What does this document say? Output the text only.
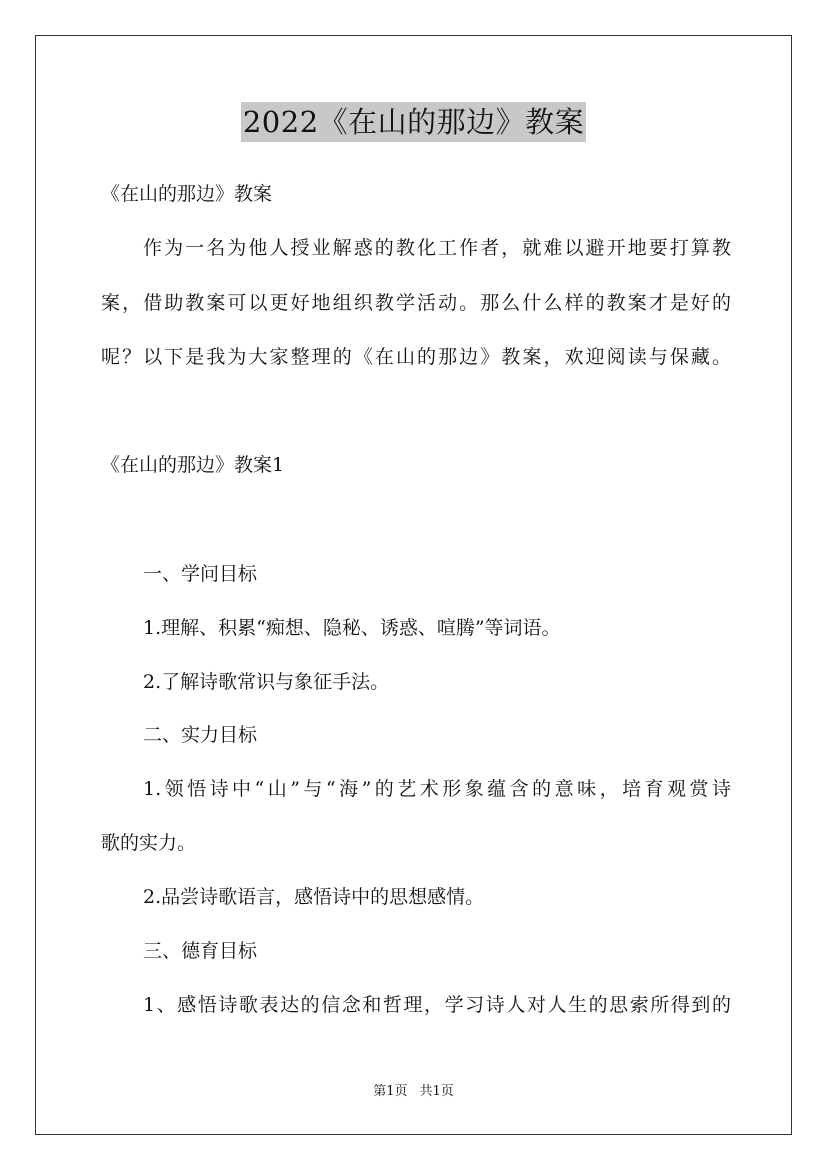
2022《在山的那边》教案
《在山的那边》教案
作为一名为他人授业解惑的教化工作者，就难以避开地要打算教
案，借助教案可以更好地组织教学活动。那么什么样的教案才是好的
呢？以下是我为大家整理的《在山的那边》教案，欢迎阅读与保藏。
《在山的那边》教案1
一、学问目标
1.理解、积累“痴想、隐秘、诱惑、喧腾”等词语。
2.了解诗歌常识与象征手法。
二、实力目标
1.领悟诗中“山”与“海”的艺术形象蕴含的意味，培育观赏诗
歌的实力。
2.品尝诗歌语言，感悟诗中的思想感情。
三、德育目标
1、感悟诗歌表达的信念和哲理，学习诗人对人生的思索所得到的
第1页 共1页
